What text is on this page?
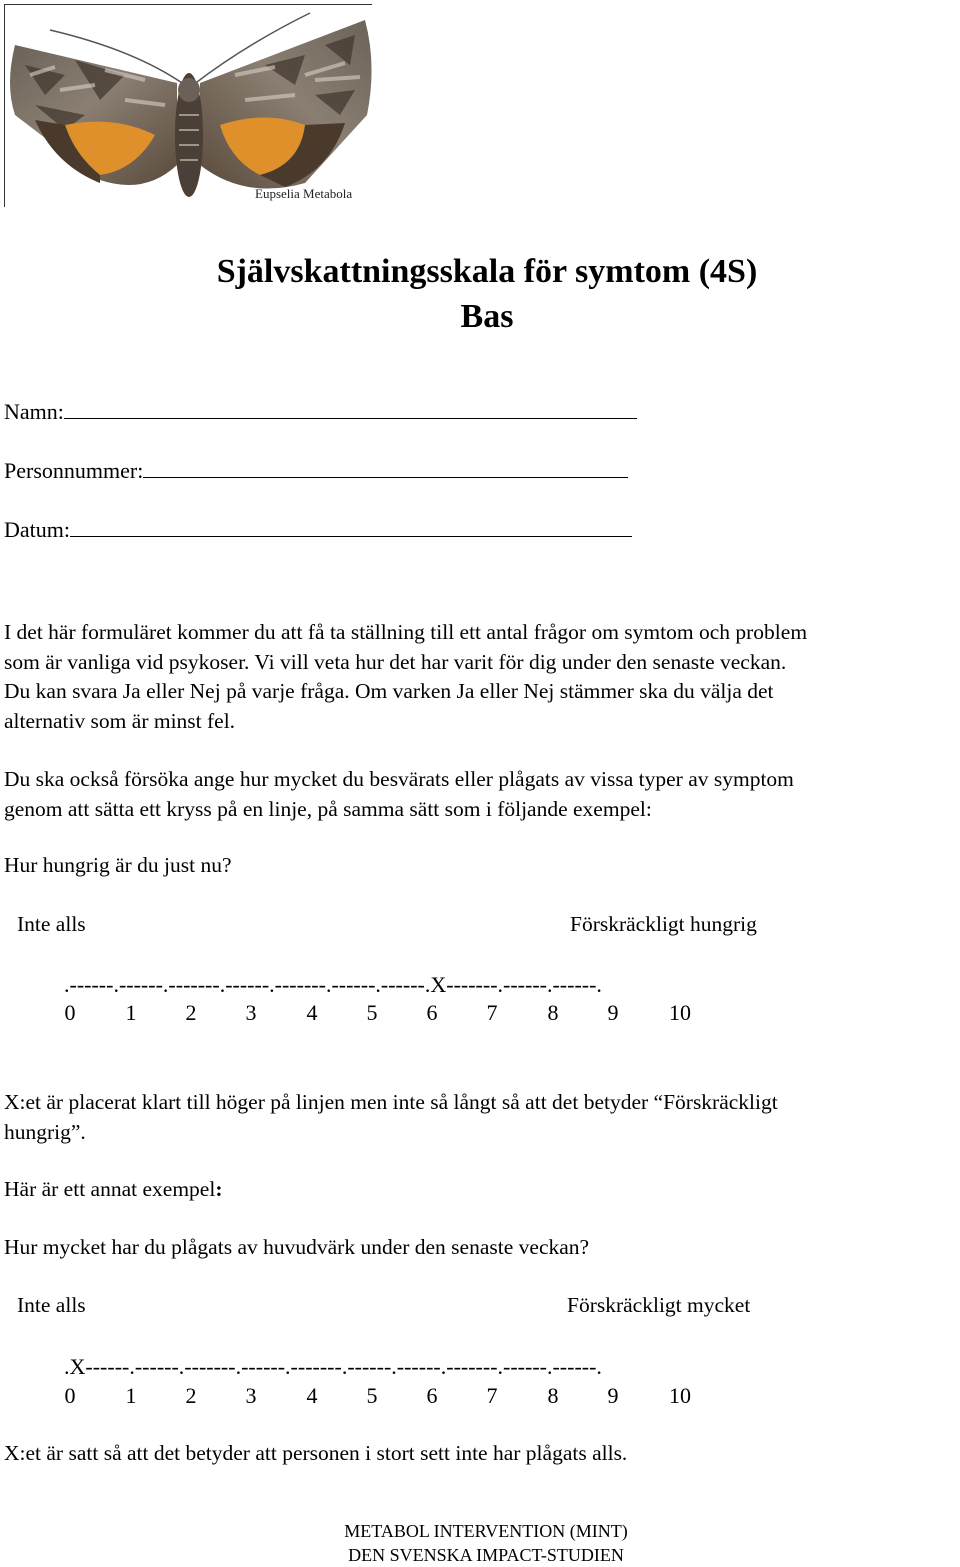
Eupselia Metabola
Självskattningsskala för symtom (4S)
Bas
Namn:
Personnummer:
Datum:

I det här formuläret kommer du att få ta ställning till ett antal frågor om symtom och problem

som är vanliga vid psykoser. Vi vill veta hur det har varit för dig under den senaste veckan.

Du kan svara Ja eller Nej på varje fråga. Om varken Ja eller Nej stämmer ska du välja det

alternativ som är minst fel.

Du ska också försöka ange hur mycket du besvärats eller plågats av vissa typer av symptom

genom att sätta ett kryss på en linje, på samma sätt som i följande exempel:

Hur hungrig är du just nu?
Inte alls	Förskräckligt hungrig
.------.------.-------.------.-------.------.------.X-------.------.------.
0 1 2 3 4 5 6 7 8 9 10

X:et är placerat klart till höger på linjen men inte så långt så att det betyder “Förskräckligt

hungrig”.

Här är ett annat exempel:
Hur mycket har du plågats av huvudvärk under den senaste veckan?
Inte alls	Förskräckligt mycket
.X------.------.-------.------.-------.------.------.-------.------.------.
0 1 2 3 4 5 6 7 8 9 10
X:et är satt så att det betyder att personen i stort sett inte har plågats alls.
METABOL INTERVENTION (MINT)
DEN SVENSKA IMPACT-STUDIEN
